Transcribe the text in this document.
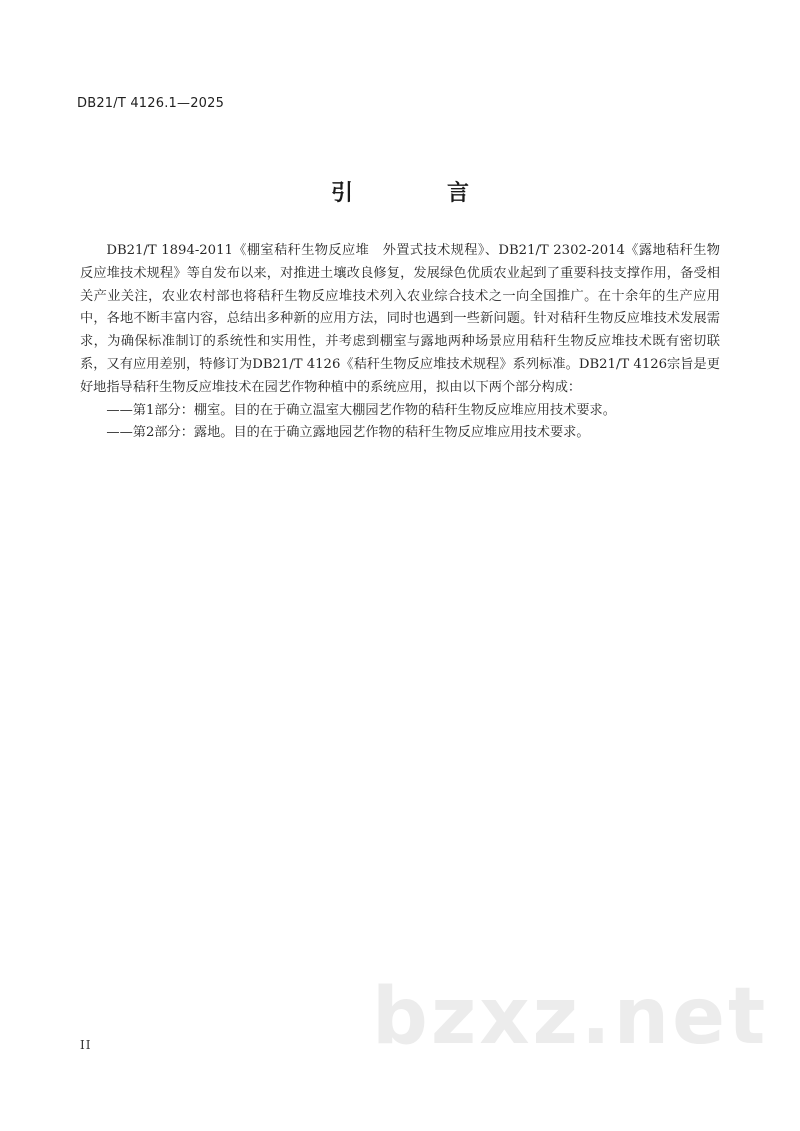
DB21/T 4126.1—2025
引　言

DB21/T 1894-2011《棚室秸秆生物反应堆　外置式技术规程》、DB21/T 2302-2014《露地秸秆生物反应堆技术规程》等自发布以来，对推进土壤改良修复，发展绿色优质农业起到了重要科技支撑作用，备受相关产业关注，农业农村部也将秸秆生物反应堆技术列入农业综合技术之一向全国推广。在十余年的生产应用中，各地不断丰富内容，总结出多种新的应用方法，同时也遇到一些新问题。针对秸秆生物反应堆技术发展需求，为确保标准制订的系统性和实用性，并考虑到棚室与露地两种场景应用秸秆生物反应堆技术既有密切联系，又有应用差别，特修订为DB21/T 4126《秸秆生物反应堆技术规程》系列标准。DB21/T 4126宗旨是更好地指导秸秆生物反应堆技术在园艺作物种植中的系统应用，拟由以下两个部分构成：

——第1部分：棚室。目的在于确立温室大棚园艺作物的秸秆生物反应堆应用技术要求。

——第2部分：露地。目的在于确立露地园艺作物的秸秆生物反应堆应用技术要求。

II	bzxz.net
